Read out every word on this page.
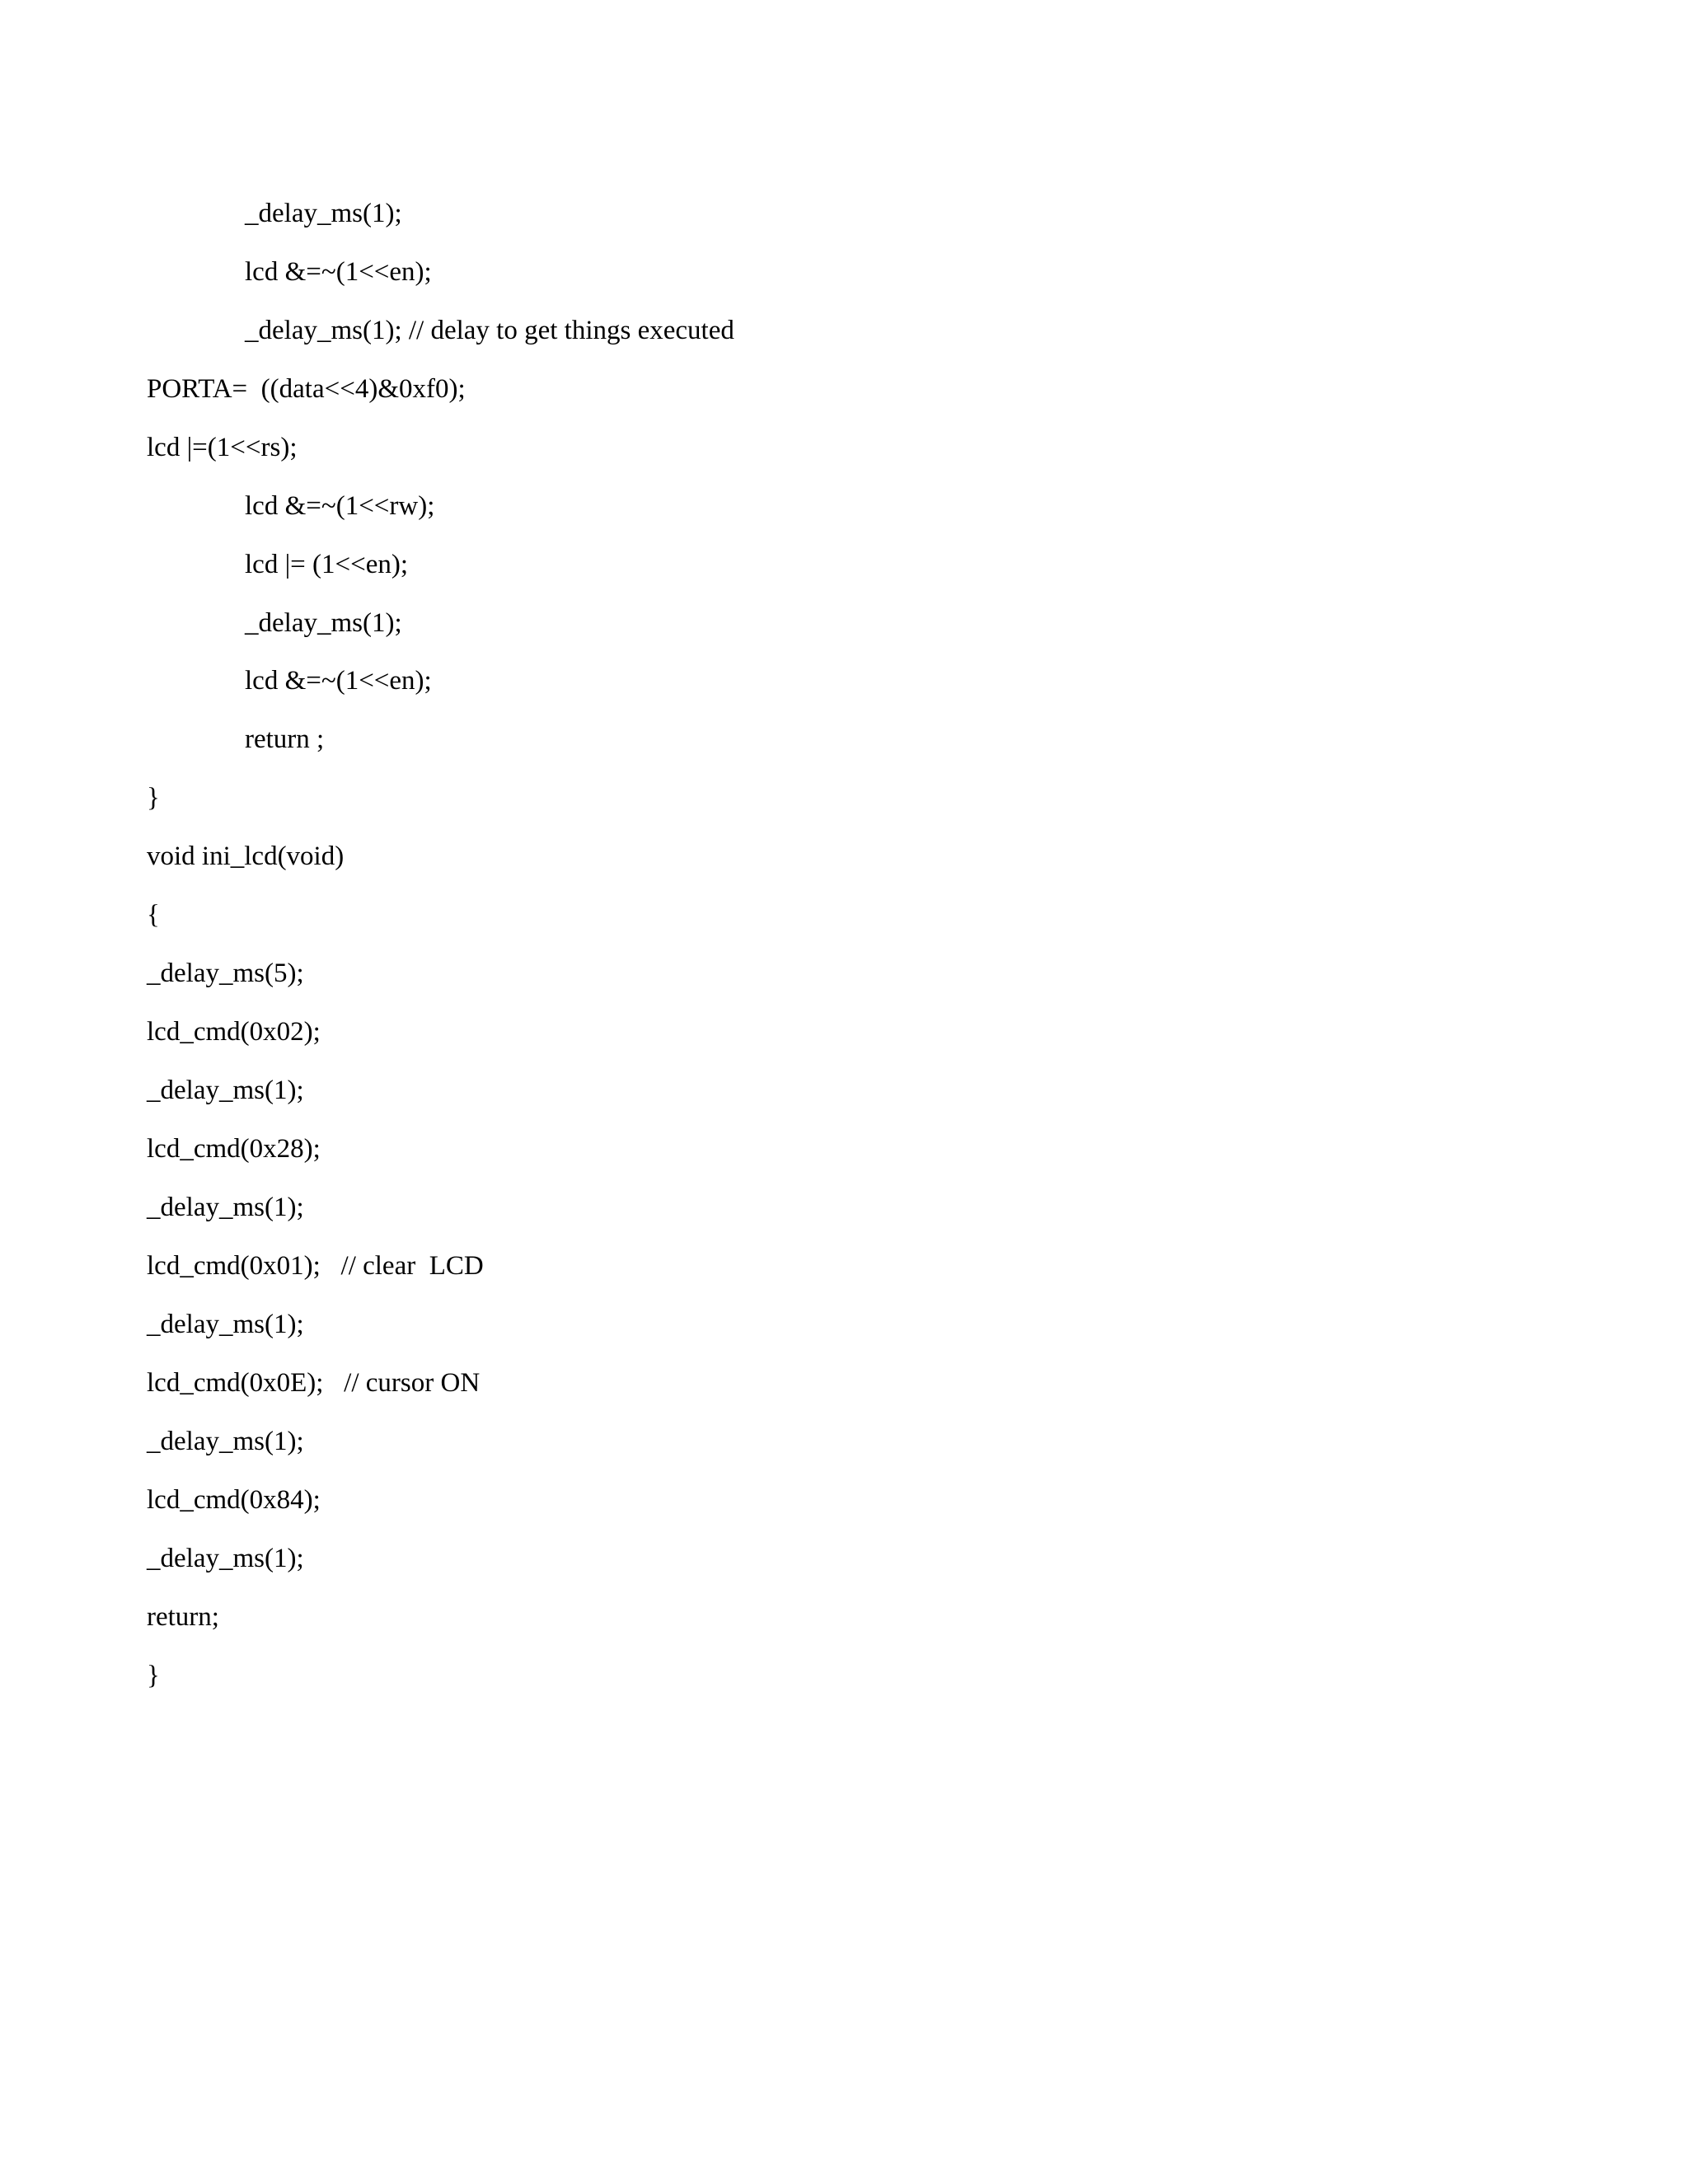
_delay_ms(1);
lcd &=~(1<<en);
_delay_ms(1); // delay to get things executed
PORTA=  ((data<<4)&0xf0);
lcd |=(1<<rs);
lcd &=~(1<<rw);
lcd |= (1<<en);
_delay_ms(1);
lcd &=~(1<<en);
return ;
}
void ini_lcd(void)
{
_delay_ms(5);
lcd_cmd(0x02);
_delay_ms(1);
lcd_cmd(0x28);
_delay_ms(1);
lcd_cmd(0x01);   // clear  LCD
_delay_ms(1);
lcd_cmd(0x0E);   // cursor ON
_delay_ms(1);
lcd_cmd(0x84);
_delay_ms(1);
return;
}
